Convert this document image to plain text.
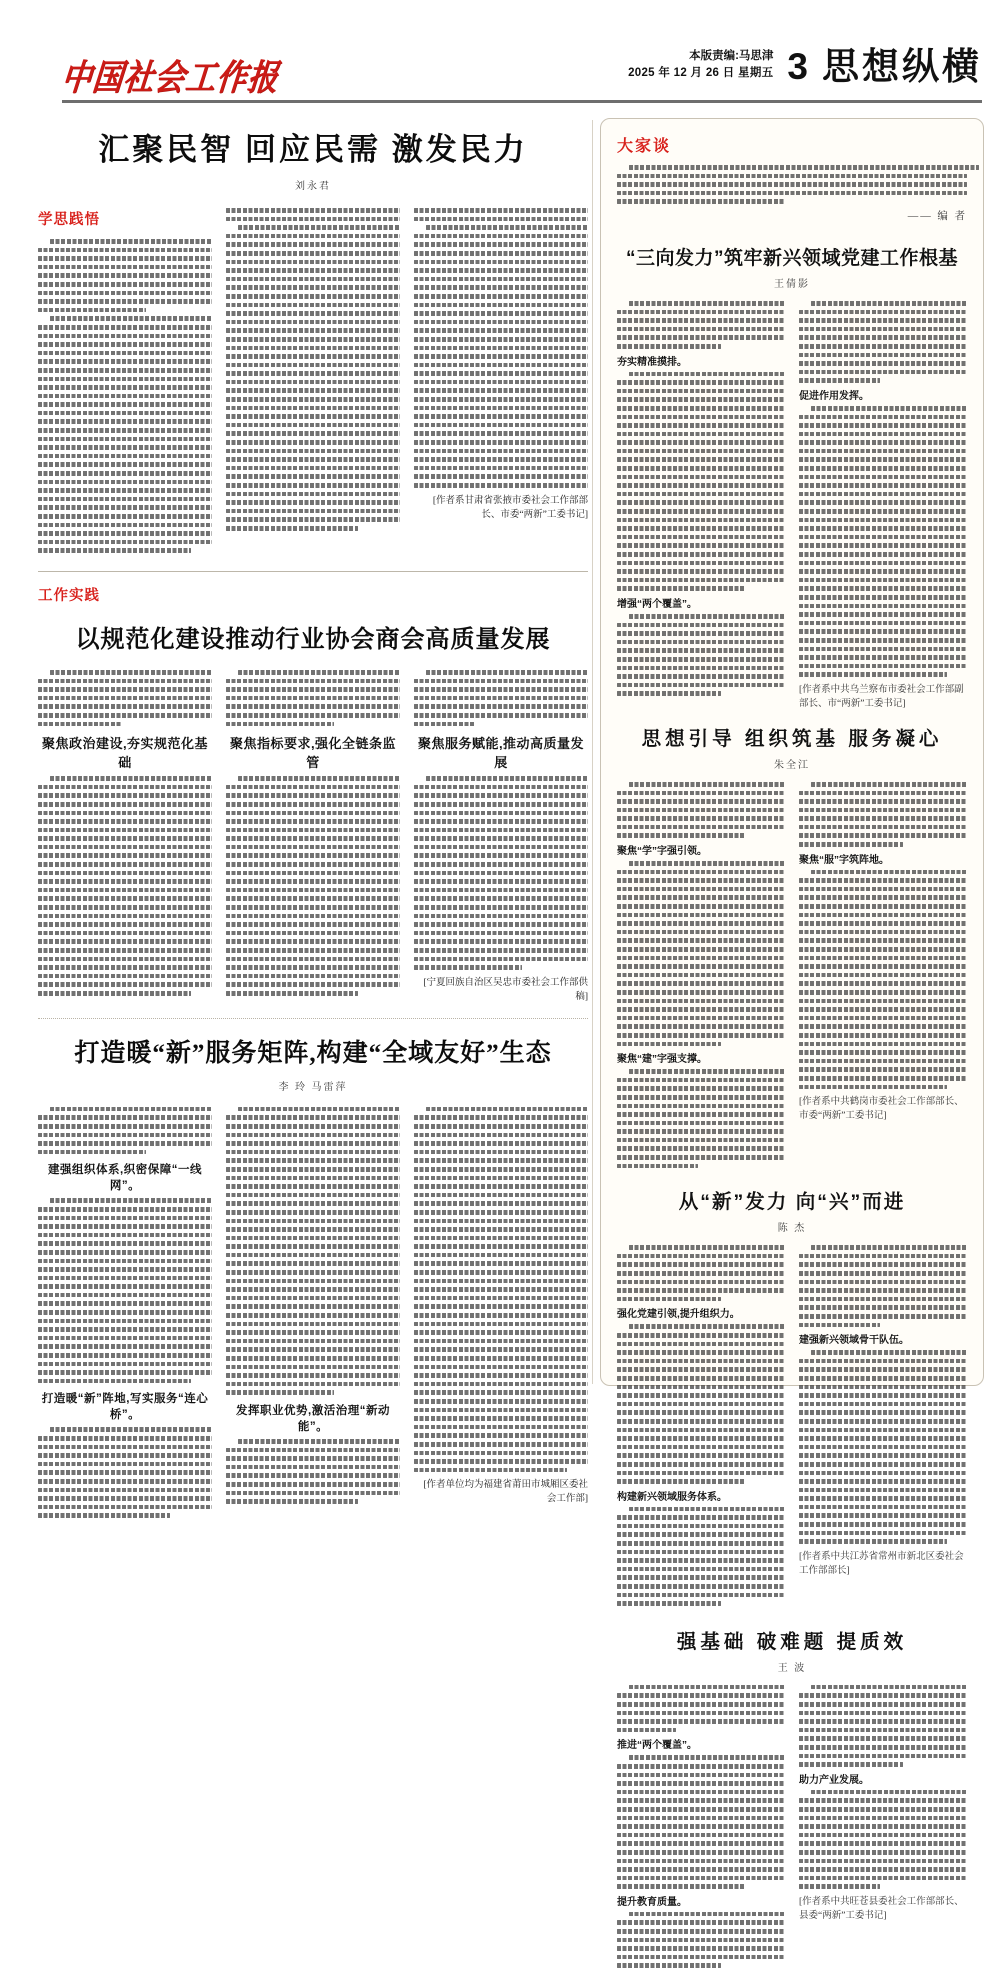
中国社会工作报
本版责编:马思津
2025 年 12 月 26 日 星期五 3 思想纵横
汇聚民智 回应民需 激发民力
刘永君
学思践悟
[作者系甘肃省张掖市委社会工作部部长、市委“两新”工委书记]
工作实践
以规范化建设推动行业协会商会高质量发展
聚焦政治建设,夯实规范化基础
聚焦指标要求,强化全链条监管
聚焦服务赋能,推动高质量发展
[宁夏回族自治区吴忠市委社会工作部供稿]
打造暖“新”服务矩阵,构建“全域友好”生态
李 玲 马雷萍
建强组织体系,织密保障“一线网”。
打造暖“新”阵地,写实服务“连心桥”。	发挥职业优势,激活治理“新动能”。
[作者单位均为福建省莆田市城厢区委社会工作部]
大家谈
—— 编 者
“三向发力”筑牢新兴领域党建工作根基
王倩影
夯实精准摸排。
增强“两个覆盖”。
促进作用发挥。
[作者系中共乌兰察布市委社会工作部副部长、市“两新”工委书记]
思想引导 组织筑基 服务凝心
朱全江
聚焦“学”字强引领。
聚焦“建”字强支撑。
聚焦“服”字筑阵地。
[作者系中共鹤岗市委社会工作部部长、市委“两新”工委书记]
从“新”发力 向“兴”而进
陈 杰
强化党建引领,提升组织力。
构建新兴领域服务体系。
建强新兴领域骨干队伍。
[作者系中共江苏省常州市新北区委社会工作部部长]
强基础 破难题 提质效
王 波
推进“两个覆盖”。
提升教育质量。
助力产业发展。
[作者系中共旺苍县委社会工作部部长、县委“两新”工委书记]
